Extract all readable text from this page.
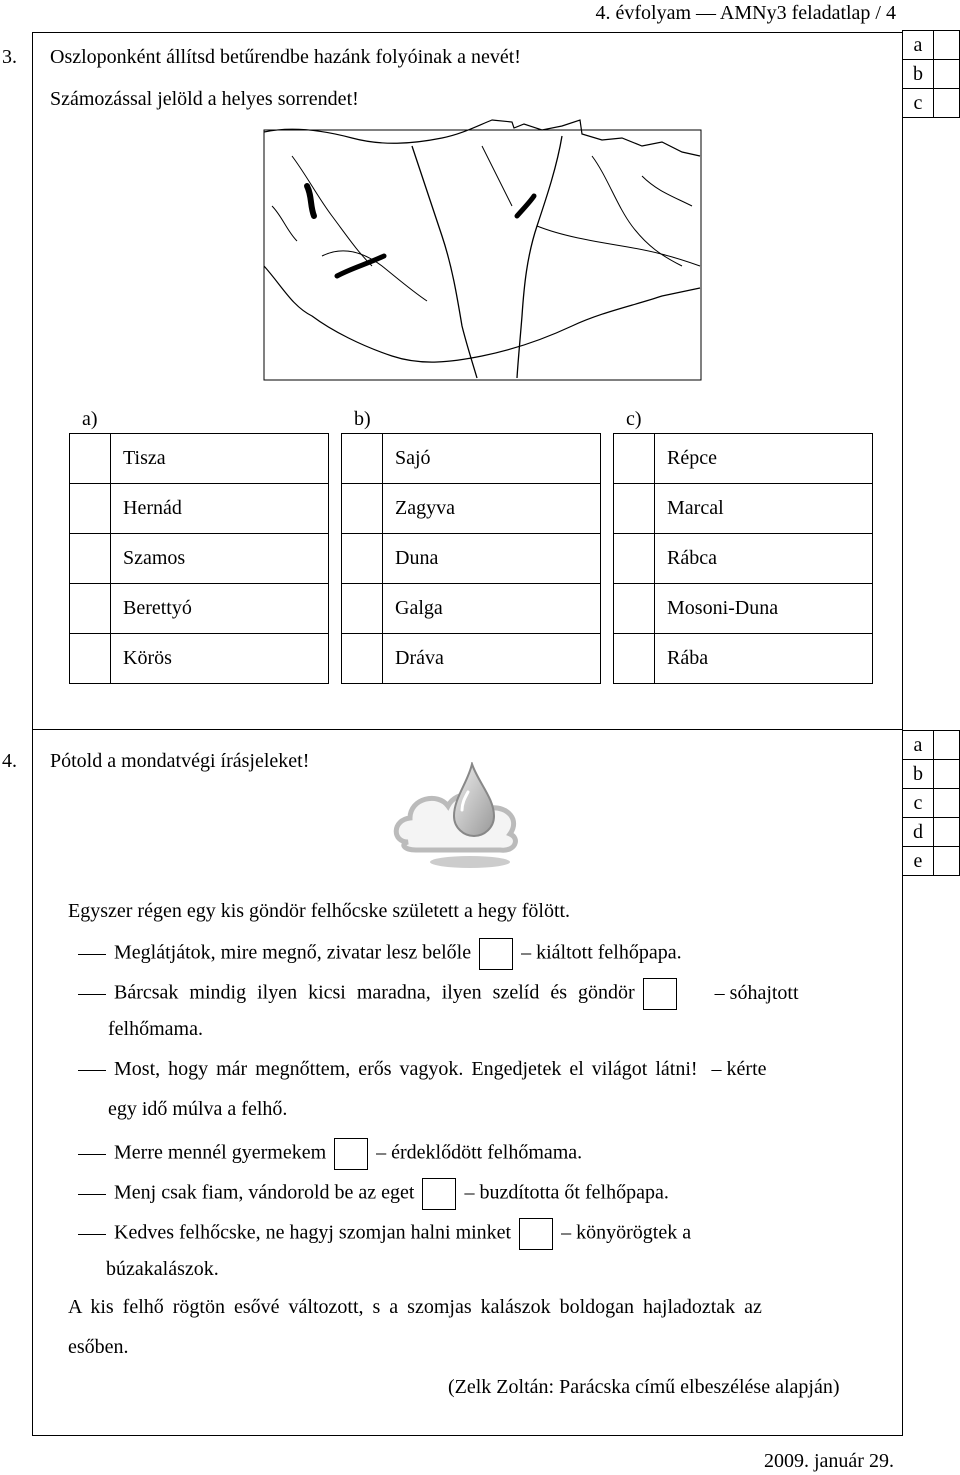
4. évfolyam — AMNy3 feladatlap / 4
3. Oszloponként állítsd betűrendbe hazánk folyóinak a nevét!
Számozással jelöld a helyes sorrendet!
a
b
c
a)	b)	c)
	Tisza
	Hernád
	Szamos
	Berettyó
	Körös
	Sajó
	Zagyva
	Duna
	Galga
	Dráva
	Répce
	Marcal
	Rábca
	Mosoni-Duna
	Rába
4. Pótold a mondatvégi írásjeleket!
a
b
c
d
e
Egyszer régen egy kis göndör felhőcske született a hegy fölött.
Meglátjátok, mire megnő, zivatar lesz belőle	– kiáltott felhőpapa.
Bárcsak mindig ilyen kicsi maradna, ilyen szelíd és göndör	– sóhajtott
felhőmama.
Most, hogy már megnőttem, erős vagyok. Engedjetek el világot látni! – kérte
egy idő múlva a felhő.
Merre mennél gyermekem	– érdeklődött felhőmama.
Menj csak fiam, vándorold be az eget	– buzdította őt felhőpapa.
Kedves felhőcske, ne hagyj szomjan halni minket	– könyörögtek a
búzakalászok.
A kis felhő rögtön esővé változott, s a szomjas kalászok boldogan hajladoztak az
esőben.
(Zelk Zoltán: Parácska című elbeszélése alapján)
2009. január 29.
